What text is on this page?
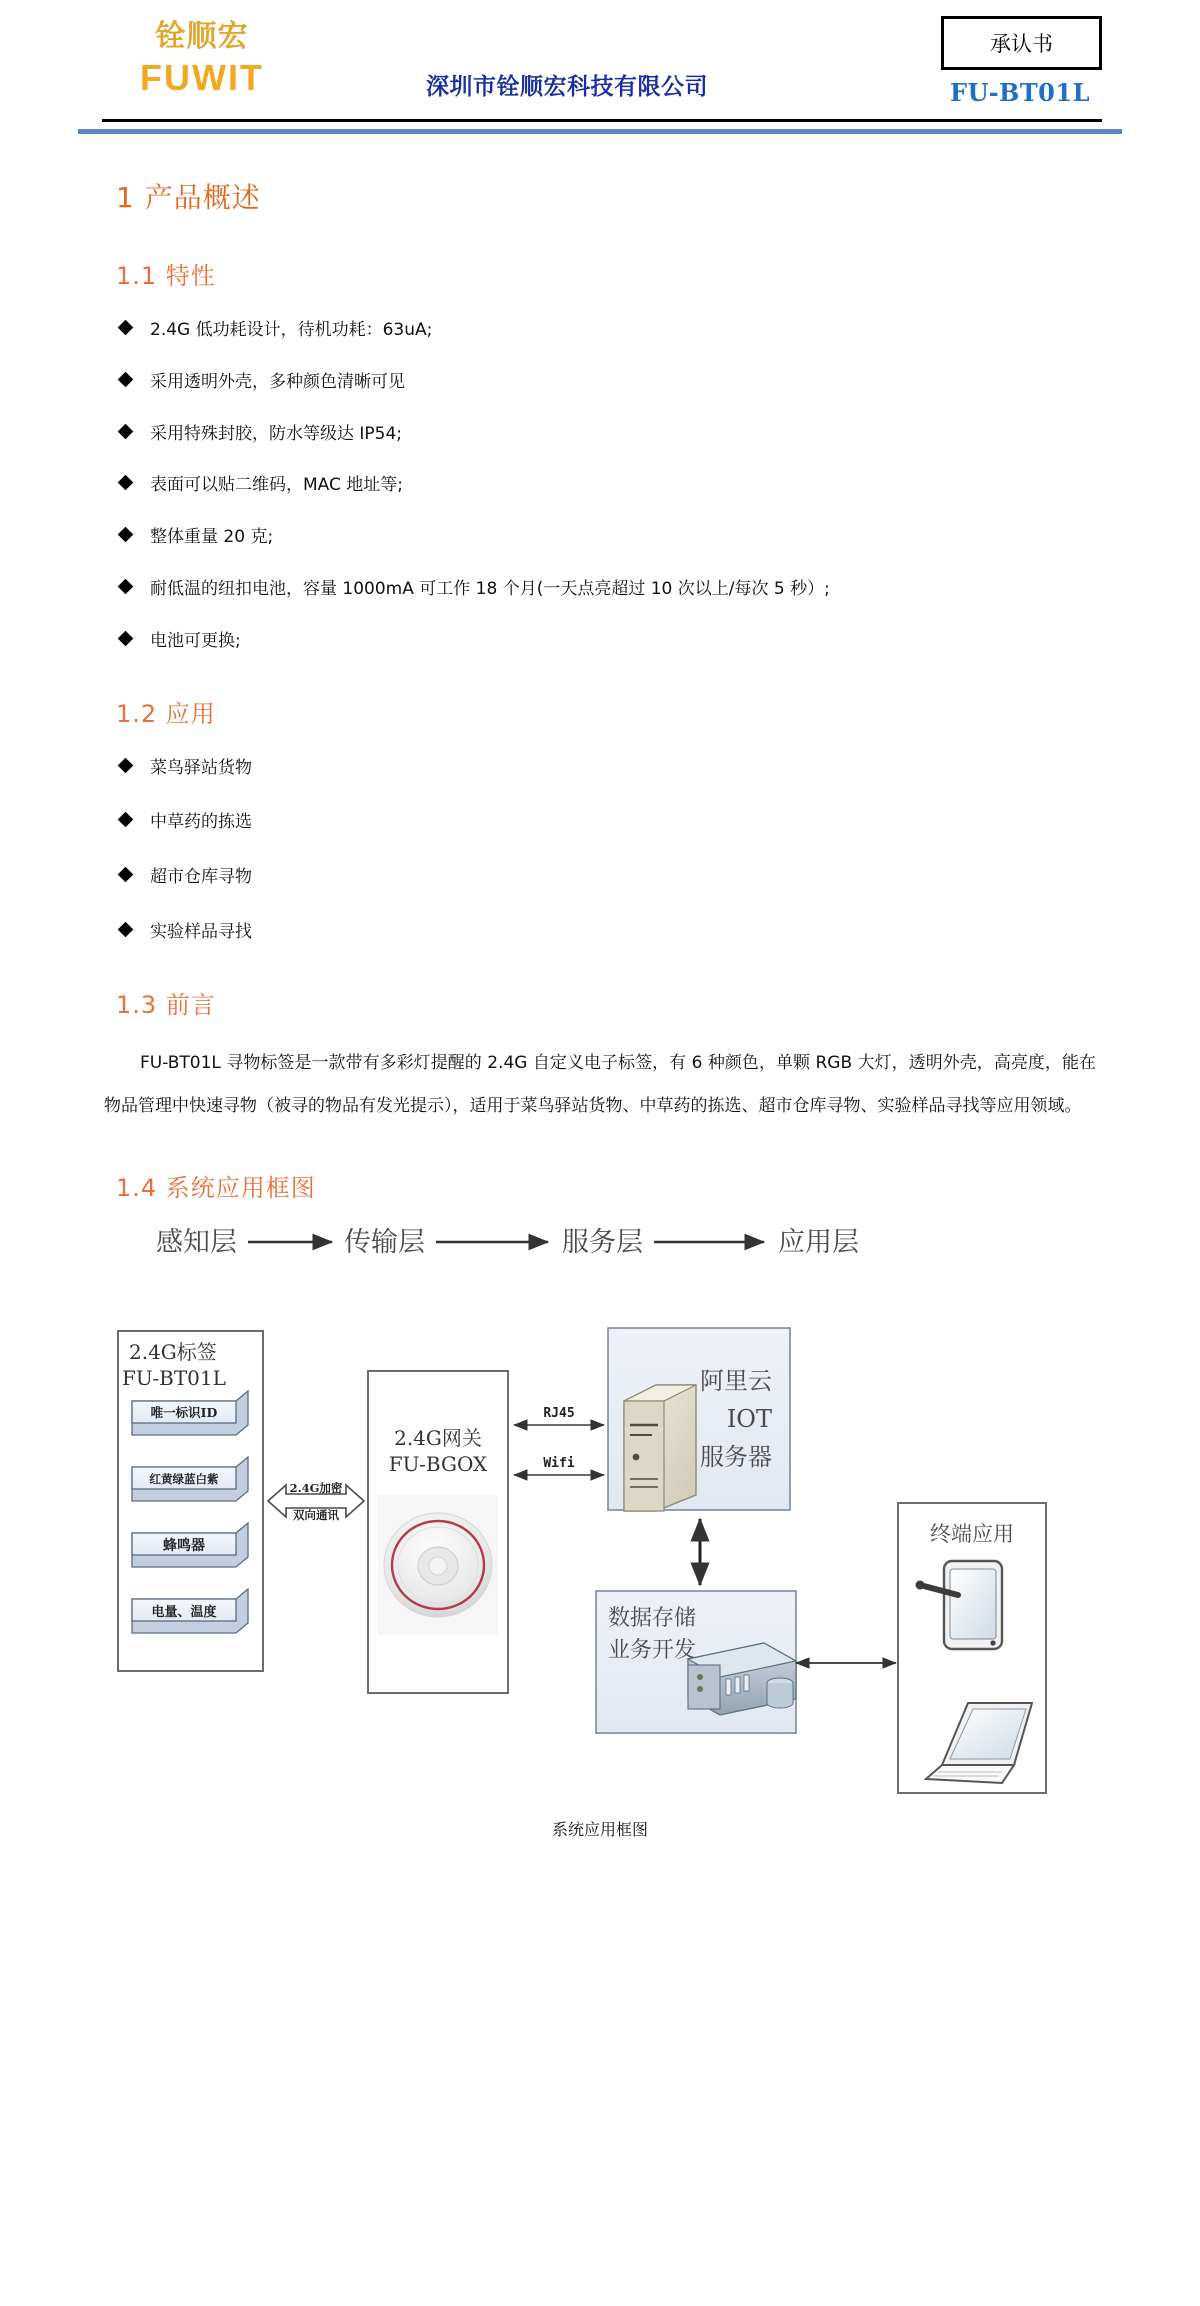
铨顺宏
FUWIT	深圳市铨顺宏科技有限公司
承认书
FU-BT01L
1 产品概述
1.1 特性
2.4G 低功耗设计，待机功耗：63uA;
采用透明外壳，多种颜色清晰可见
采用特殊封胶，防水等级达 IP54;
表面可以贴二维码，MAC 地址等;
整体重量 20 克;
耐低温的纽扣电池，容量 1000mA 可工作 18 个月(一天点亮超过 10 次以上/每次 5 秒）;
电池可更换;
1.2 应用
菜鸟驿站货物
中草药的拣选
超市仓库寻物
实验样品寻找
1.3 前言

FU-BT01L 寻物标签是一款带有多彩灯提醒的 2.4G 自定义电子标签，有 6 种颜色，单颗 RGB 大灯，透明外壳，高亮度，能在物品管理中快速寻物（被寻的物品有发光提示），适用于菜鸟驿站货物、中草药的拣选、超市仓库寻物、实验样品寻找等应用领域。

1.4 系统应用框图
感知层	传输层	服务层	应用层
2.4G标签
FU-BT01L
唯一标识ID
红黄绿蓝白紫
蜂鸣器
电量、温度
2.4G加密
双向通讯
2.4G网关
FU-BGOX
RJ45
Wifi
阿里云
IOT
服务器
数据存储
业务开发
终端应用
系统应用框图
